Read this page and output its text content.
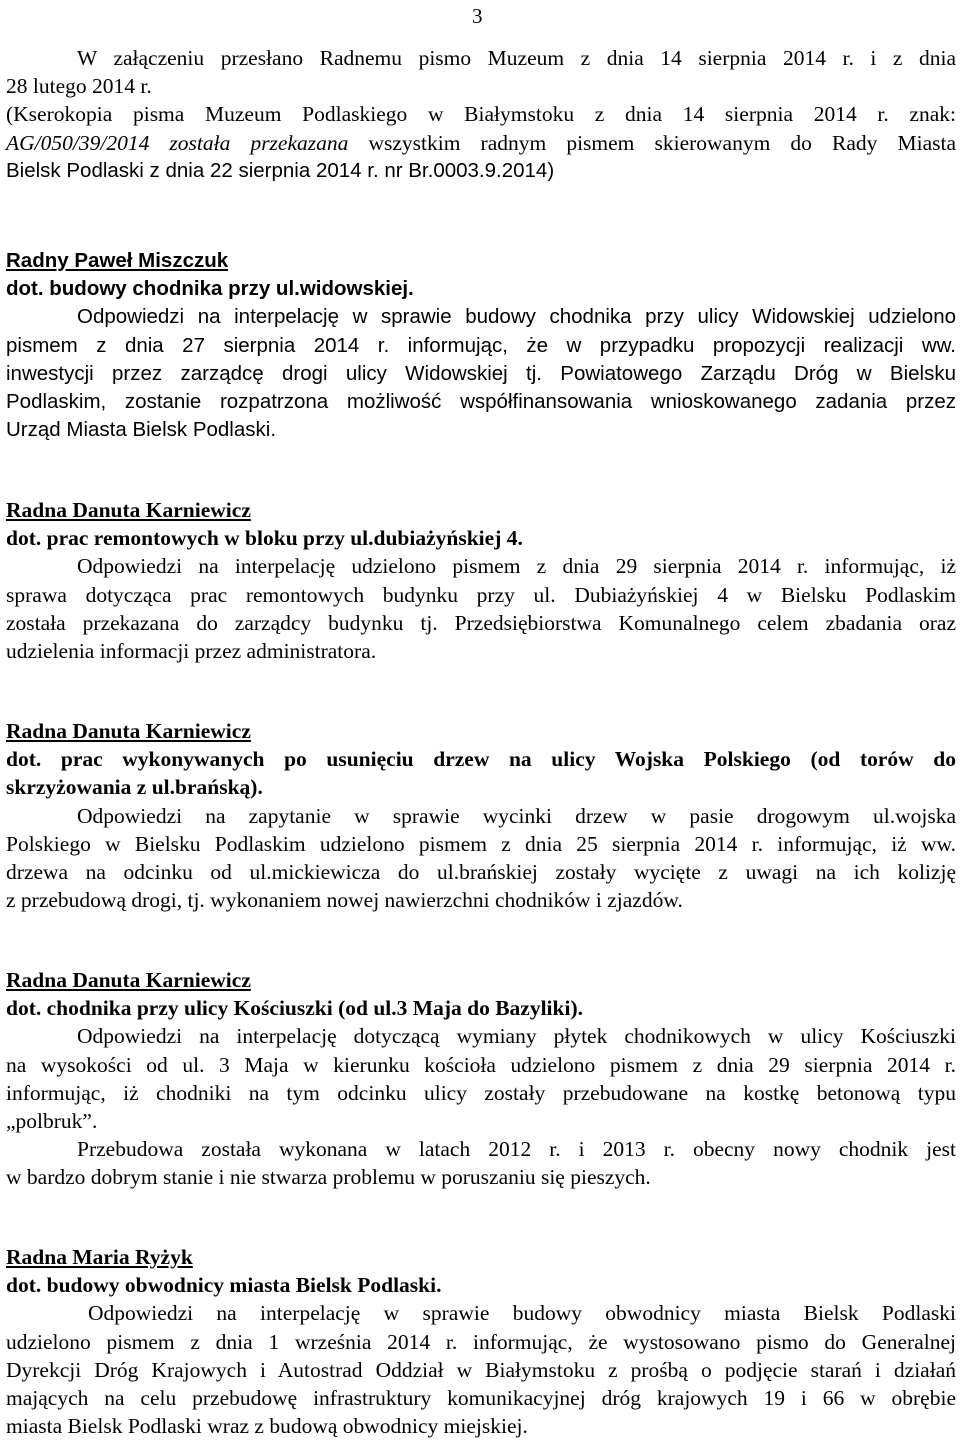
3
W załączeniu przesłano Radnemu pismo Muzeum z dnia 14 sierpnia 2014 r. i z dnia
28 lutego 2014 r.
(Kserokopia pisma Muzeum Podlaskiego w Białymstoku z dnia 14 sierpnia 2014 r. znak:
AG/050/39/2014 została przekazana wszystkim radnym pismem skierowanym do Rady Miasta
Bielsk Podlaski z dnia 22 sierpnia 2014 r. nr Br.0003.9.2014)

Radny Paweł Miszczuk

dot. budowy chodnika przy ul.widowskiej.

Odpowiedzi na interpelację w sprawie budowy chodnika przy ulicy Widowskiej udzielono
pismem z dnia 27 sierpnia 2014 r. informując, że w przypadku propozycji realizacji ww.
inwestycji przez zarządcę drogi ulicy Widowskiej tj. Powiatowego Zarządu Dróg w Bielsku
Podlaskim, zostanie rozpatrzona możliwość współfinansowania wnioskowanego zadania przez
Urząd Miasta Bielsk Podlaski.

Radna Danuta Karniewicz

dot. prac remontowych w bloku przy ul.dubiażyńskiej 4.

Odpowiedzi na interpelację udzielono pismem z dnia 29 sierpnia 2014 r. informując, iż
sprawa dotycząca prac remontowych budynku przy ul. Dubiażyńskiej 4 w Bielsku Podlaskim
została przekazana do zarządcy budynku tj. Przedsiębiorstwa Komunalnego celem zbadania oraz
udzielenia informacji przez administratora.

Radna Danuta Karniewicz

dot. prac wykonywanych po usunięciu drzew na ulicy Wojska Polskiego (od torów do
skrzyżowania z ul.brańską).
Odpowiedzi na zapytanie w sprawie wycinki drzew w pasie drogowym ul.wojska
Polskiego w Bielsku Podlaskim udzielono pismem z dnia 25 sierpnia 2014 r. informując, iż ww.
drzewa na odcinku od ul.mickiewicza do ul.brańskiej zostały wycięte z uwagi na ich kolizję
z przebudową drogi, tj. wykonaniem nowej nawierzchni chodników i zjazdów.

Radna Danuta Karniewicz

dot. chodnika przy ulicy Kościuszki (od ul.3 Maja do Bazyliki).

Odpowiedzi na interpelację dotyczącą wymiany płytek chodnikowych w ulicy Kościuszki
na wysokości od ul. 3 Maja w kierunku kościoła udzielono pismem z dnia 29 sierpnia 2014 r.
informując, iż chodniki na tym odcinku ulicy zostały przebudowane na kostkę betonową typu
„polbruk”.
Przebudowa została wykonana w latach 2012 r. i 2013 r. obecny nowy chodnik jest
w bardzo dobrym stanie i nie stwarza problemu w poruszaniu się pieszych.

Radna Maria Ryżyk

dot. budowy obwodnicy miasta Bielsk Podlaski.

Odpowiedzi na interpelację w sprawie budowy obwodnicy miasta Bielsk Podlaski
udzielono pismem z dnia 1 września 2014 r. informując, że wystosowano pismo do Generalnej
Dyrekcji Dróg Krajowych i Autostrad Oddział w Białymstoku z prośbą o podjęcie starań i działań
mających na celu przebudowę infrastruktury komunikacyjnej dróg krajowych 19 i 66 w obrębie
miasta Bielsk Podlaski wraz z budową obwodnicy miejskiej.
